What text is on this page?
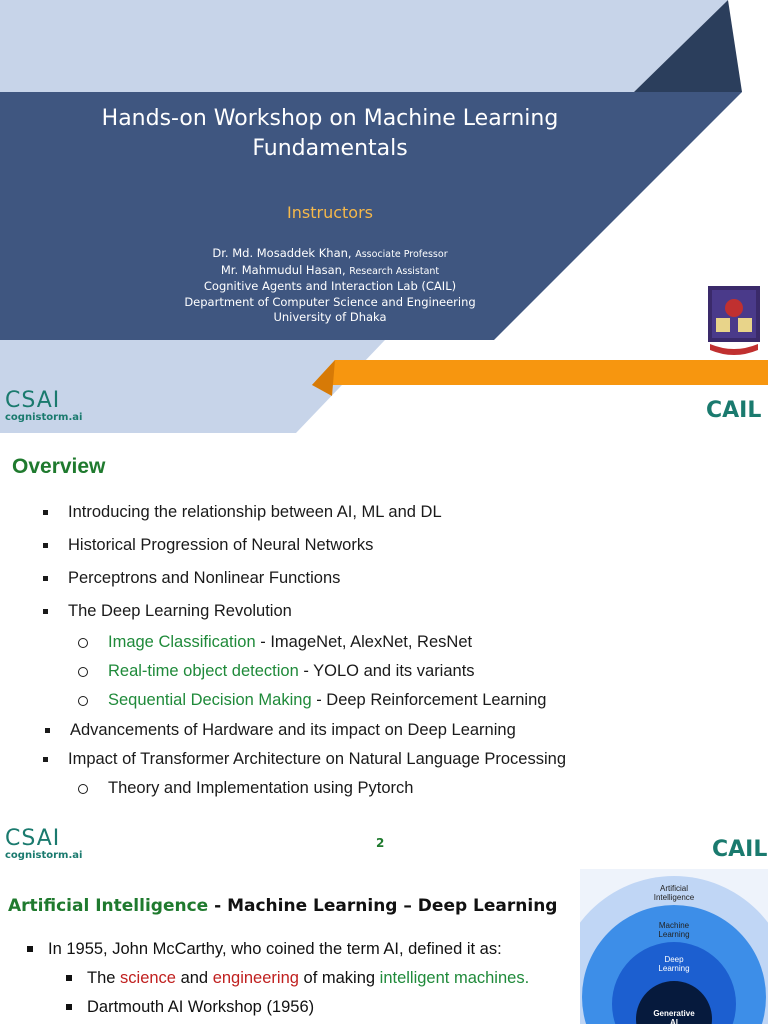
Hands-on Workshop on Machine Learning
Fundamentals
Instructors
Dr. Md. Mosaddek Khan, Associate Professor
Mr. Mahmudul Hasan, Research Assistant
Cognitive Agents and Interaction Lab (CAIL)
Department of Computer Science and Engineering
University of Dhaka
CSAI
cognistorm.ai	CAIL
Overview
Introducing the relationship between AI, ML and DL
Historical Progression of Neural Networks
Perceptrons and Nonlinear Functions
The Deep Learning Revolution
Image Classification - ImageNet, AlexNet, ResNet
Real-time object detection - YOLO and its variants
Sequential Decision Making - Deep Reinforcement Learning
Advancements of Hardware and its impact on Deep Learning
Impact of Transformer Architecture on Natural Language Processing
Theory and Implementation using Pytorch
CSAI
cognistorm.ai
2	CAIL
Artificial Intelligence - Machine Learning – Deep Learning
In 1955, John McCarthy, who coined the term AI, defined it as:
The science and engineering of making intelligent machines.
Dartmouth AI Workshop (1956)
Artificial
Intelligence
Machine
Learning
Deep
Learning
Generative
AI
